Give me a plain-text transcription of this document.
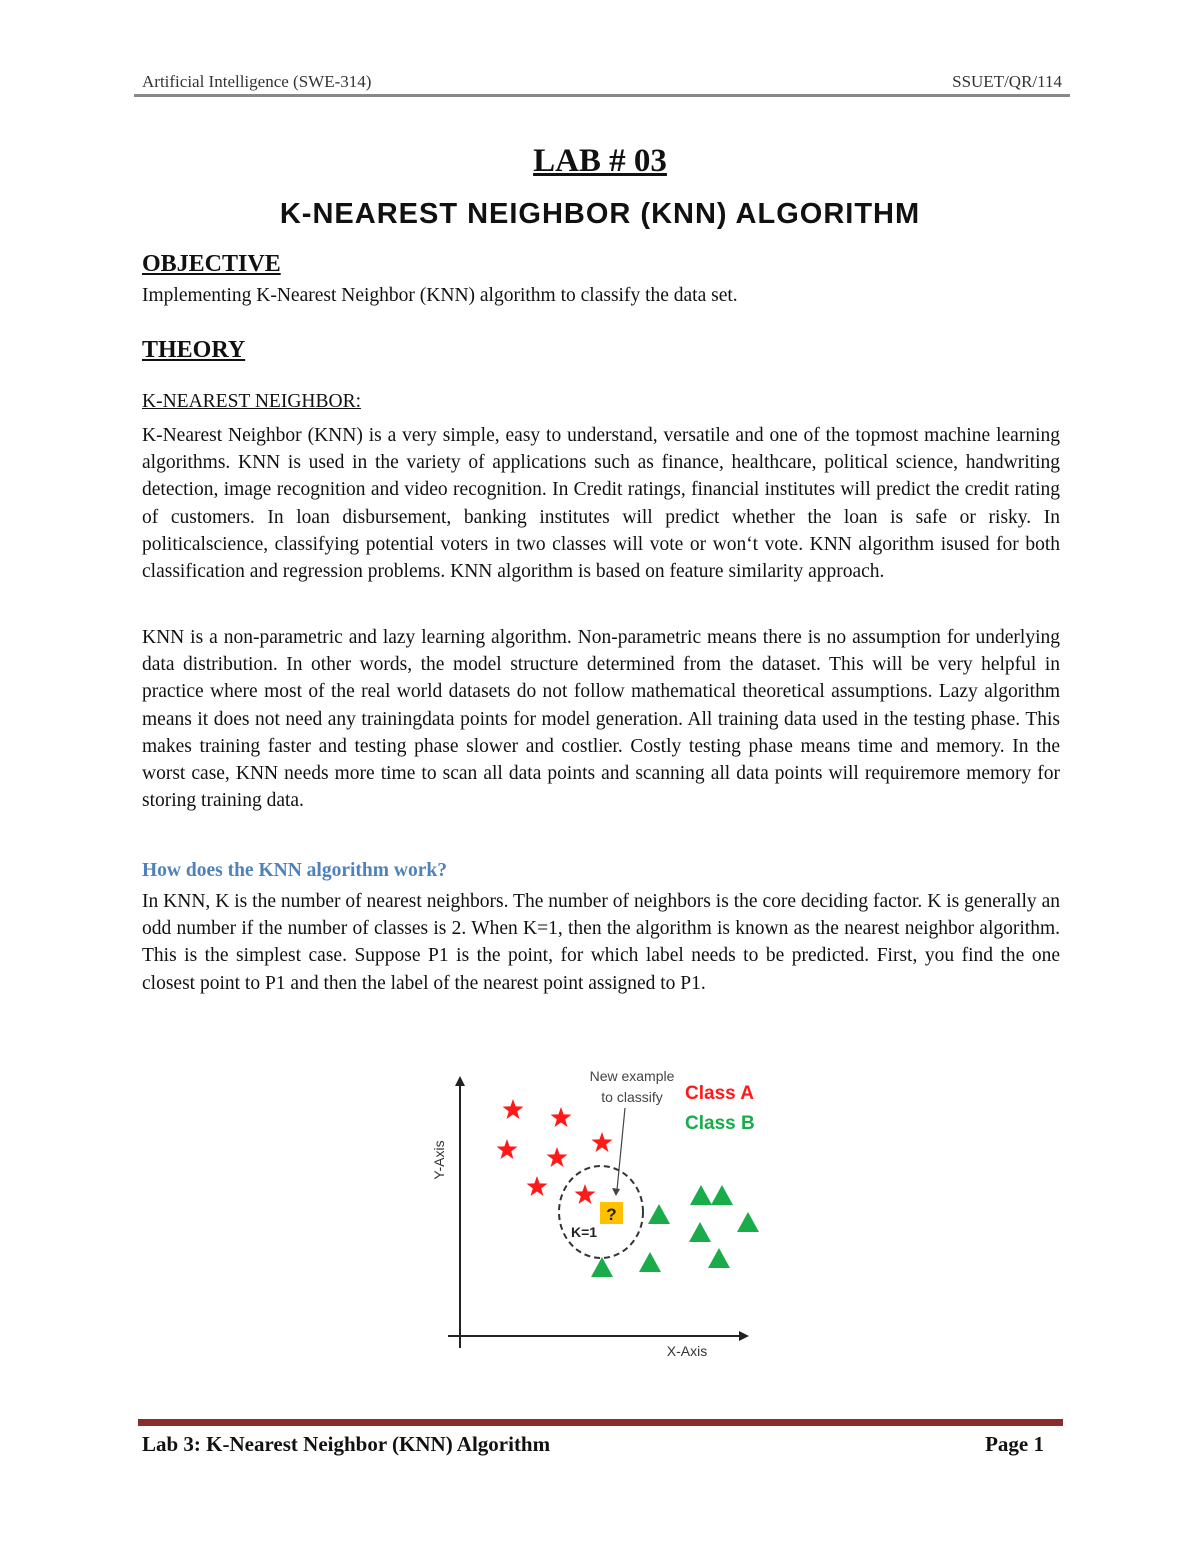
Artificial Intelligence (SWE-314)	SSUET/QR/114
LAB # 03
K-NEAREST NEIGHBOR (KNN) ALGORITHM
OBJECTIVE
Implementing K-Nearest Neighbor (KNN) algorithm to classify the data set.
THEORY
K-NEAREST NEIGHBOR:
K-Nearest Neighbor (KNN) is a very simple, easy to understand, versatile and one of the topmost machine learning algorithms. KNN is used in the variety of applications such as finance, healthcare, political science, handwriting detection, image recognition and video recognition. In Credit ratings, financial institutes will predict the credit rating of customers. In loan disbursement, banking institutes will predict whether the loan is safe or risky. In politicalscience, classifying potential voters in two classes will vote or won‘t vote. KNN algorithm isused for both classification and regression problems. KNN algorithm is based on feature similarity approach.
KNN is a non-parametric and lazy learning algorithm. Non-parametric means there is no assumption for underlying data distribution. In other words, the model structure determined from the dataset. This will be very helpful in practice where most of the real world datasets do not follow mathematical theoretical assumptions. Lazy algorithm means it does not need any trainingdata points for model generation. All training data used in the testing phase. This makes training faster and testing phase slower and costlier. Costly testing phase means time and memory. In the worst case, KNN needs more time to scan all data points and scanning all data points will requiremore memory for storing training data.
How does the KNN algorithm work?
In KNN, K is the number of nearest neighbors. The number of neighbors is the core deciding factor. K is generally an odd number if the number of classes is 2. When K=1, then the algorithm is known as the nearest neighbor algorithm. This is the simplest case. Suppose P1 is the point, for which label needs to be predicted. First, you find the one closest point to P1 and then the label of the nearest point assigned to P1.
Y-Axis
X-Axis
New example
to classify Class A
Class B
?
K=1
Lab 3: K-Nearest Neighbor (KNN) Algorithm	Page 1
